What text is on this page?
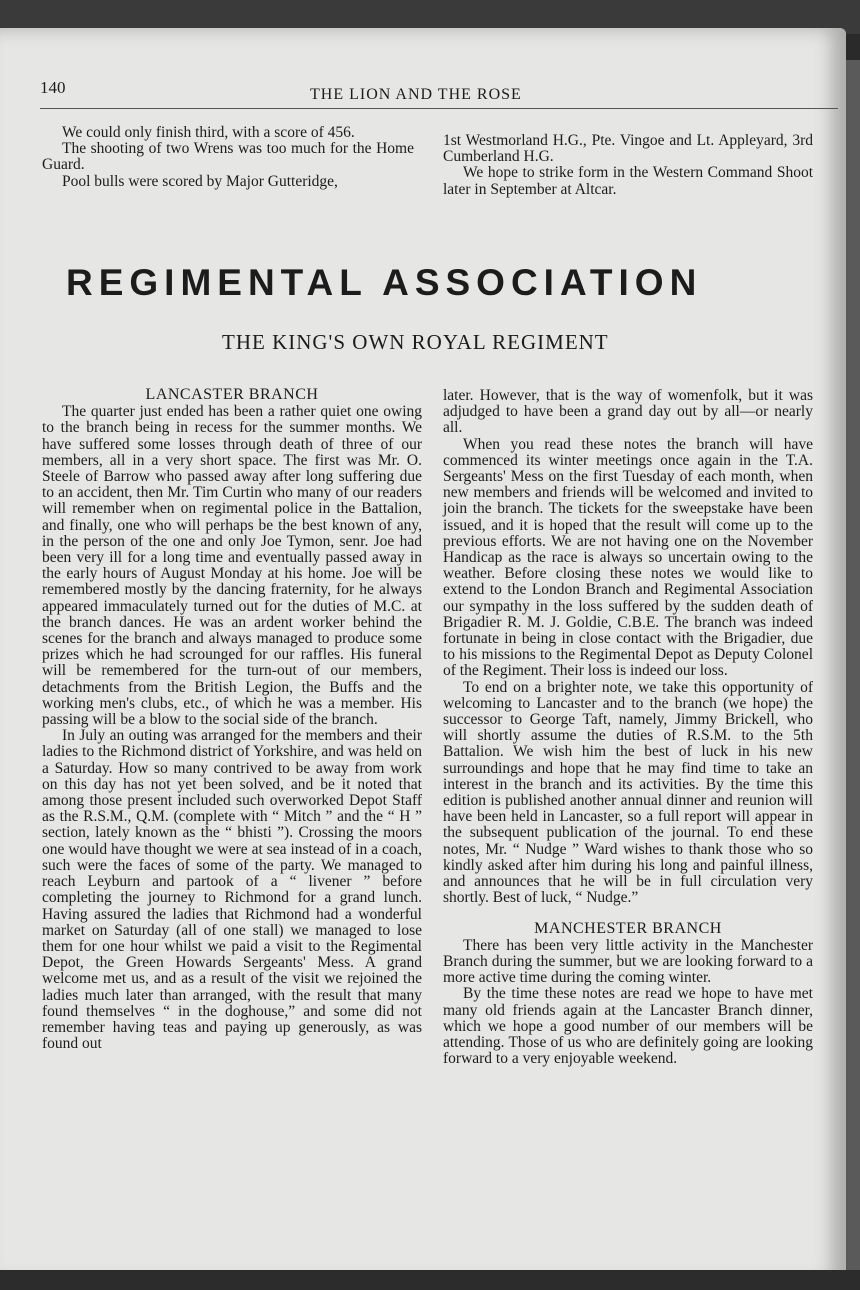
140	THE LION AND THE ROSE

We could only finish third, with a score of 456.

The shooting of two Wrens was too much for the Home Guard.

Pool bulls were scored by Major Gutteridge,

1st Westmorland H.G., Pte. Vingoe and Lt. Appleyard, 3rd Cumberland H.G.

We hope to strike form in the Western Command Shoot later in September at Altcar.

REGIMENTAL ASSOCIATION
THE KING'S OWN ROYAL REGIMENT
LANCASTER BRANCH

The quarter just ended has been a rather quiet one owing to the branch being in recess for the summer months. We have suffered some losses through death of three of our members, all in a very short space. The first was Mr. O. Steele of Barrow who passed away after long suffering due to an accident, then Mr. Tim Curtin who many of our readers will remember when on regimental police in the Battalion, and finally, one who will perhaps be the best known of any, in the person of the one and only Joe Tymon, senr. Joe had been very ill for a long time and eventually passed away in the early hours of August Monday at his home. Joe will be remembered mostly by the dancing fraternity, for he always appeared immaculately turned out for the duties of M.C. at the branch dances. He was an ardent worker behind the scenes for the branch and always managed to produce some prizes which he had scrounged for our raffles. His funeral will be remembered for the turn-out of our members, detachments from the British Legion, the Buffs and the working men's clubs, etc., of which he was a member. His passing will be a blow to the social side of the branch.

In July an outing was arranged for the members and their ladies to the Richmond district of Yorkshire, and was held on a Saturday. How so many contrived to be away from work on this day has not yet been solved, and be it noted that among those present included such overworked Depot Staff as the R.S.M., Q.M. (complete with “ Mitch ” and the “ H ” section, lately known as the “ bhisti ”). Crossing the moors one would have thought we were at sea instead of in a coach, such were the faces of some of the party. We managed to reach Leyburn and partook of a “ livener ” before completing the journey to Richmond for a grand lunch. Having assured the ladies that Richmond had a wonderful market on Saturday (all of one stall) we managed to lose them for one hour whilst we paid a visit to the Regimental Depot, the Green Howards Sergeants' Mess. A grand welcome met us, and as a result of the visit we rejoined the ladies much later than arranged, with the result that many found themselves “ in the doghouse,” and some did not remember having teas and paying up generously, as was found out

later. However, that is the way of womenfolk, but it was adjudged to have been a grand day out by all—or nearly all.

When you read these notes the branch will have commenced its winter meetings once again in the T.A. Sergeants' Mess on the first Tuesday of each month, when new members and friends will be welcomed and invited to join the branch. The tickets for the sweepstake have been issued, and it is hoped that the result will come up to the previous efforts. We are not having one on the November Handicap as the race is always so uncertain owing to the weather. Before closing these notes we would like to extend to the London Branch and Regimental Association our sympathy in the loss suffered by the sudden death of Brigadier R. M. J. Goldie, C.B.E. The branch was indeed fortunate in being in close contact with the Brigadier, due to his missions to the Regimental Depot as Deputy Colonel of the Regiment. Their loss is indeed our loss.

To end on a brighter note, we take this opportunity of welcoming to Lancaster and to the branch (we hope) the successor to George Taft, namely, Jimmy Brickell, who will shortly assume the duties of R.S.M. to the 5th Battalion. We wish him the best of luck in his new surroundings and hope that he may find time to take an interest in the branch and its activities. By the time this edition is published another annual dinner and reunion will have been held in Lancaster, so a full report will appear in the subsequent publication of the journal. To end these notes, Mr. “ Nudge ” Ward wishes to thank those who so kindly asked after him during his long and painful illness, and announces that he will be in full circulation very shortly. Best of luck, “ Nudge.”

MANCHESTER BRANCH

There has been very little activity in the Manchester Branch during the summer, but we are looking forward to a more active time during the coming winter.

By the time these notes are read we hope to have met many old friends again at the Lancaster Branch dinner, which we hope a good number of our members will be attending. Those of us who are definitely going are looking forward to a very enjoyable weekend.
